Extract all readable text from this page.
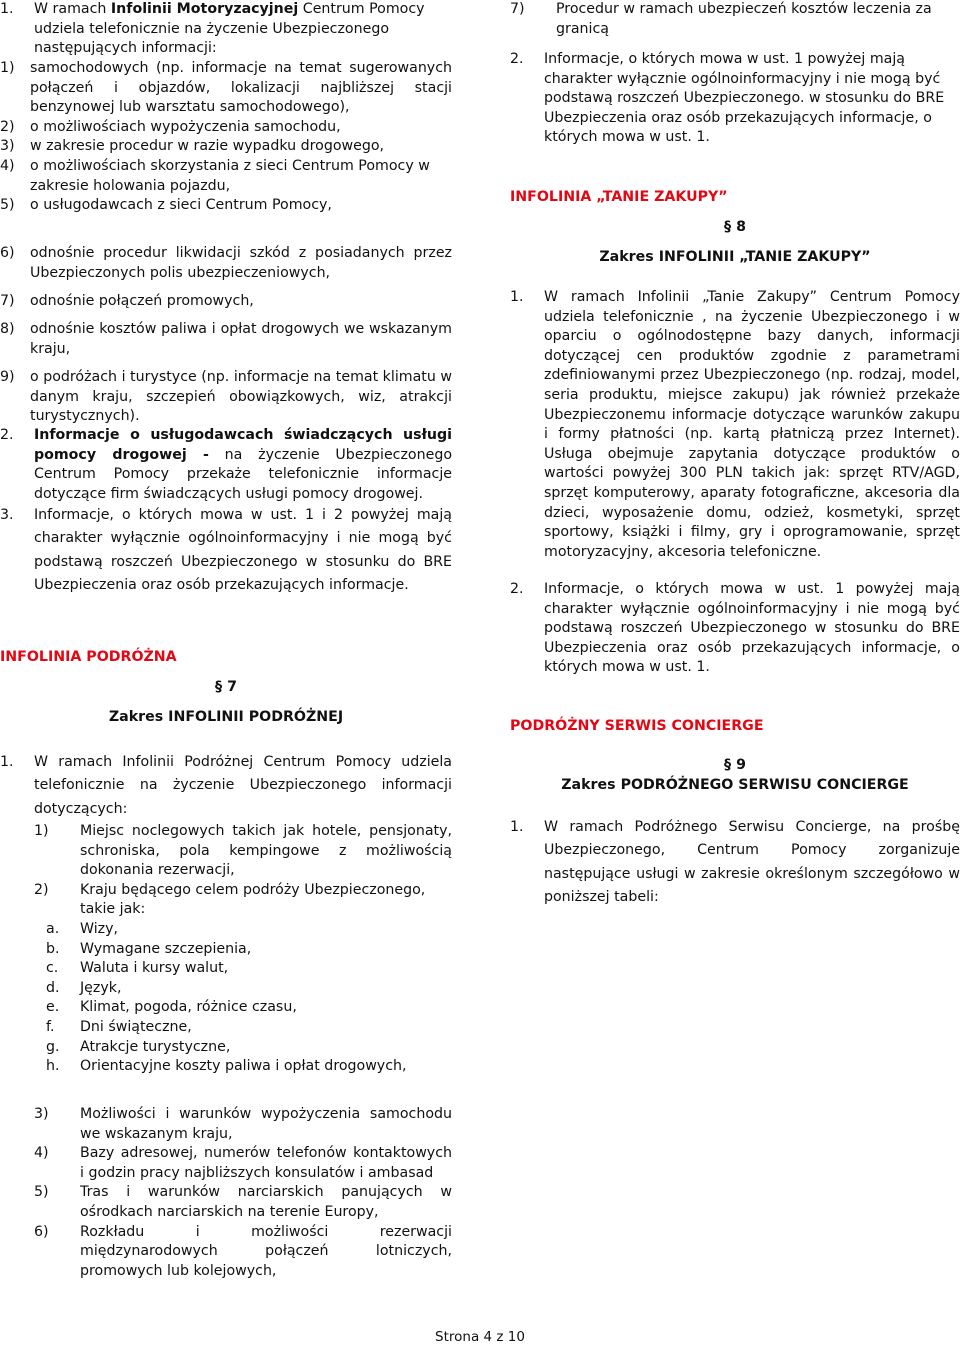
1.	W ramach Infolinii Motoryzacyjnej Centrum Pomocy udziela telefonicznie na życzenie Ubezpieczonego następujących informacji:
1)	samochodowych (np. informacje na temat sugerowanych połączeń i objazdów, lokalizacji najbliższej stacji benzynowej lub warsztatu samochodowego),
2)	o możliwościach wypożyczenia samochodu,
3)	w zakresie procedur w razie wypadku drogowego,
4)	o możliwościach skorzystania z sieci Centrum Pomocy w zakresie holowania pojazdu,
5)	o usługodawcach z sieci Centrum Pomocy,
6)	odnośnie procedur likwidacji szkód z posiadanych przez Ubezpieczonych polis ubezpieczeniowych,
7)	odnośnie połączeń promowych,
8)	odnośnie kosztów paliwa i opłat drogowych we wskazanym kraju,
9)	o podróżach i turystyce (np. informacje na temat klimatu w danym kraju, szczepień obowiązkowych, wiz, atrakcji turystycznych).
2.	Informacje o usługodawcach świadczących usługi pomocy drogowej - na życzenie Ubezpieczonego Centrum Pomocy przekaże telefonicznie informacje dotyczące firm świadczących usługi pomocy drogowej.
3.	Informacje, o których mowa w ust. 1 i 2 powyżej mają charakter wyłącznie ogólnoinformacyjny i nie mogą być podstawą roszczeń Ubezpieczonego w stosunku do BRE Ubezpieczenia oraz osób przekazujących informacje.
INFOLINIA PODRÓŻNA
§ 7
Zakres INFOLINII PODRÓŻNEJ
1.	W ramach Infolinii Podróżnej Centrum Pomocy udziela telefonicznie na życzenie Ubezpieczonego informacji dotyczących:
1)	Miejsc noclegowych takich jak hotele, pensjonaty, schroniska, pola kempingowe z możliwością dokonania rezerwacji,
2)	Kraju będącego celem podróży Ubezpieczonego, takie jak:
a.	Wizy,
b.	Wymagane szczepienia,
c.	Waluta i kursy walut,
d.	Język,
e.	Klimat, pogoda, różnice czasu,
f.	Dni świąteczne,
g.	Atrakcje turystyczne,
h.	Orientacyjne koszty paliwa i opłat drogowych,
3)	Możliwości i warunków wypożyczenia samochodu we wskazanym kraju,
4)	Bazy adresowej, numerów telefonów kontaktowych i godzin pracy najbliższych konsulatów i ambasad
5)	Tras i warunków narciarskich panujących w ośrodkach narciarskich na terenie Europy,
6)	Rozkładu i możliwości rezerwacji międzynarodowych połączeń lotniczych, promowych lub kolejowych,
7)	Procedur w ramach ubezpieczeń kosztów leczenia za granicą
2.	Informacje, o których mowa w ust. 1 powyżej mają charakter wyłącznie ogólnoinformacyjny i nie mogą być podstawą roszczeń Ubezpieczonego. w stosunku do BRE Ubezpieczenia oraz osób przekazujących informacje, o których mowa w ust. 1.
INFOLINIA „TANIE ZAKUPY”
§ 8
Zakres INFOLINII „TANIE ZAKUPY”
1.	W ramach Infolinii „Tanie Zakupy” Centrum Pomocy udziela telefonicznie , na życzenie Ubezpieczonego i w oparciu o ogólnodostępne bazy danych, informacji dotyczącej cen produktów zgodnie z parametrami zdefiniowanymi przez Ubezpieczonego (np. rodzaj, model, seria produktu, miejsce zakupu) jak również przekaże Ubezpieczonemu informacje dotyczące warunków zakupu i formy płatności (np. kartą płatniczą przez Internet). Usługa obejmuje zapytania dotyczące produktów o wartości powyżej 300 PLN takich jak: sprzęt RTV/AGD, sprzęt komputerowy, aparaty fotograficzne, akcesoria dla dzieci, wyposażenie domu, odzież, kosmetyki, sprzęt sportowy, książki i filmy, gry i oprogramowanie, sprzęt motoryzacyjny, akcesoria telefoniczne.
2.	Informacje, o których mowa w ust. 1 powyżej mają charakter wyłącznie ogólnoinformacyjny i nie mogą być podstawą roszczeń Ubezpieczonego w stosunku do BRE Ubezpieczenia oraz osób przekazujących informacje, o których mowa w ust. 1.
PODRÓŻNY SERWIS CONCIERGE
§ 9
Zakres PODRÓŻNEGO SERWISU CONCIERGE
1.	W ramach Podróżnego Serwisu Concierge, na prośbę Ubezpieczonego, Centrum Pomocy zorganizuje następujące usługi w zakresie określonym szczegółowo w poniższej tabeli:
Strona 4 z 10
